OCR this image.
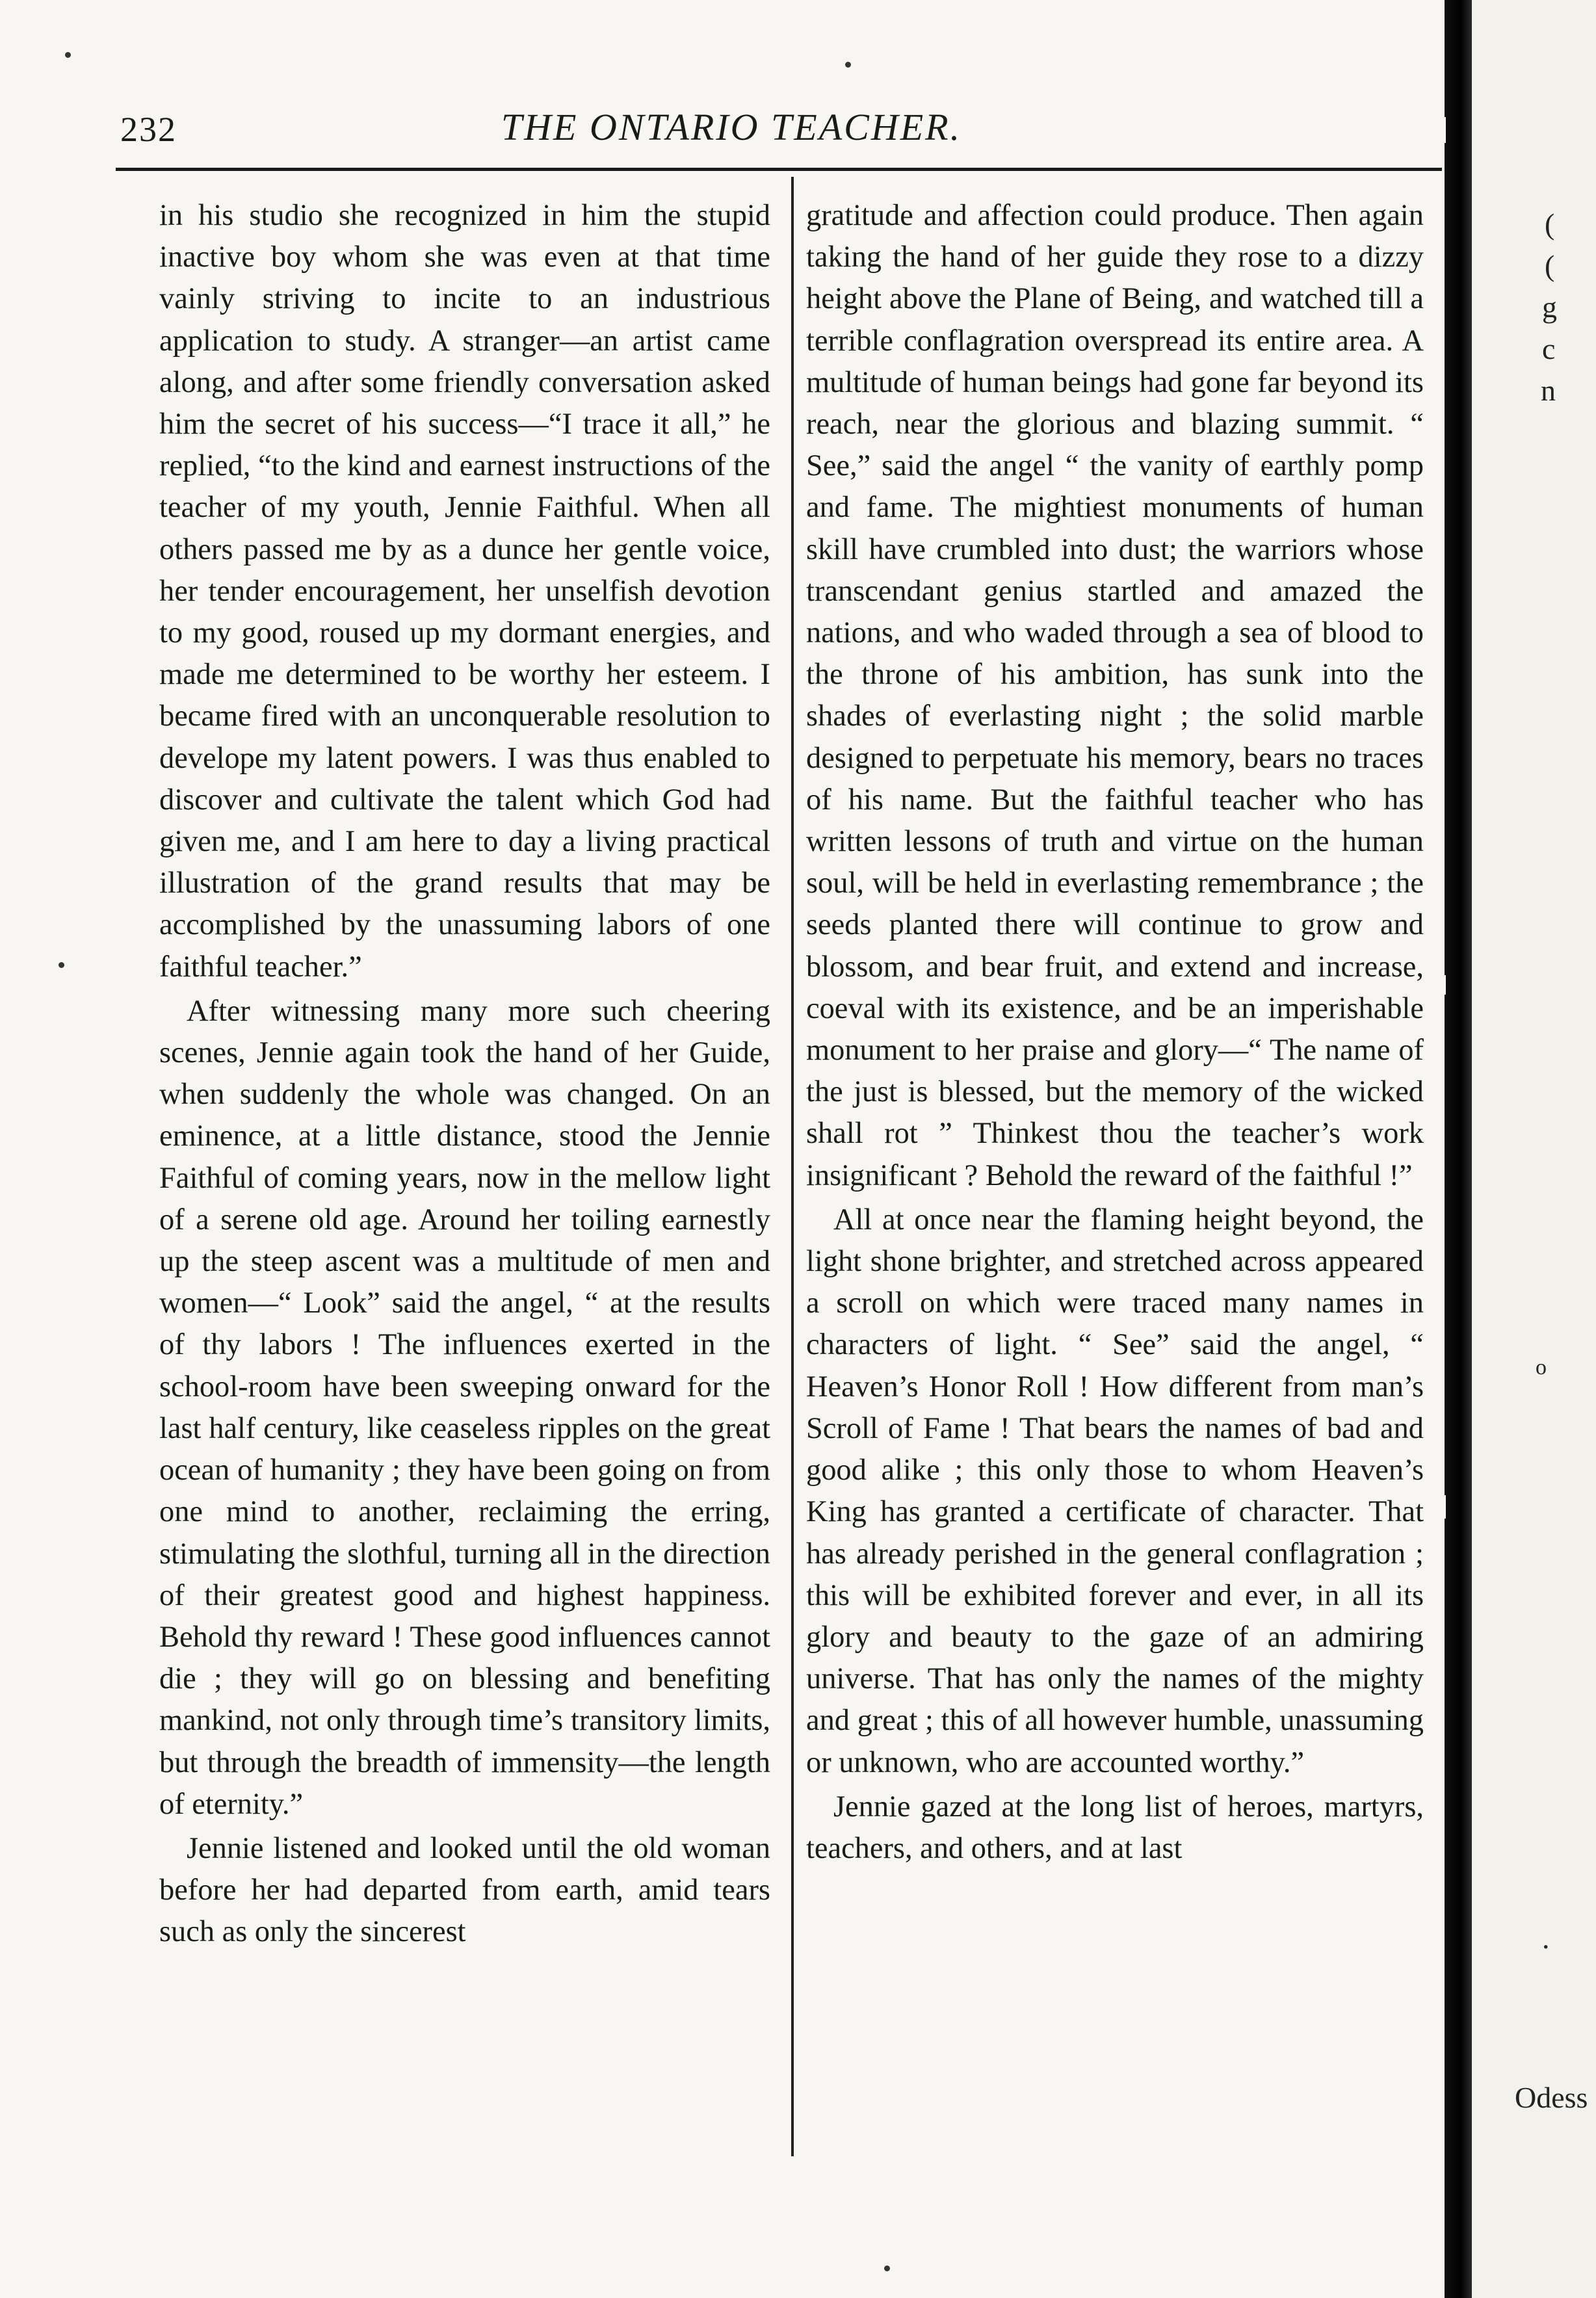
232	THE ONTARIO TEACHER.

in his studio she recognized in him the stupid inactive boy whom she was even at that time vainly striving to incite to an industrious application to study. A stranger—an artist came along, and after some friendly conversation asked him the secret of his success—“I trace it all,” he replied, “to the kind and earnest instructions of the teacher of my youth, Jennie Faithful. When all others passed me by as a dunce her gentle voice, her tender encouragement, her unselfish devotion to my good, roused up my dormant energies, and made me determined to be worthy her esteem. I became fired with an unconquerable resolution to develope my latent powers. I was thus enabled to discover and cultivate the talent which God had given me, and I am here to day a living practical illustration of the grand results that may be accomplished by the unassuming labors of one faithful teacher.”

After witnessing many more such cheering scenes, Jennie again took the hand of her Guide, when suddenly the whole was changed. On an eminence, at a little distance, stood the Jennie Faithful of coming years, now in the mellow light of a serene old age. Around her toiling earnestly up the steep ascent was a multitude of men and women—“ Look” said the angel, “ at the results of thy labors ! The influences exerted in the school-room have been sweeping onward for the last half century, like ceaseless ripples on the great ocean of humanity ; they have been going on from one mind to another, reclaiming the erring, stimulating the slothful, turning all in the direction of their greatest good and highest happiness. Behold thy reward ! These good influences cannot die ; they will go on blessing and benefiting mankind, not only through time’s transitory limits, but through the breadth of immensity—the length of eternity.”

Jennie listened and looked until the old woman before her had departed from earth, amid tears such as only the sincerest

gratitude and affection could produce. Then again taking the hand of her guide they rose to a dizzy height above the Plane of Being, and watched till a terrible conflagration overspread its entire area. A multitude of human beings had gone far beyond its reach, near the glorious and blazing summit. “ See,” said the angel “ the vanity of earthly pomp and fame. The mightiest monuments of human skill have crumbled into dust; the warriors whose transcendant genius startled and amazed the nations, and who waded through a sea of blood to the throne of his ambition, has sunk into the shades of everlasting night ; the solid marble designed to perpetuate his memory, bears no traces of his name. But the faithful teacher who has written lessons of truth and virtue on the human soul, will be held in everlasting remembrance ; the seeds planted there will continue to grow and blossom, and bear fruit, and extend and increase, coeval with its existence, and be an imperishable monument to her praise and glory—“ The name of the just is blessed, but the memory of the wicked shall rot ” Thinkest thou the teacher’s work insignificant ? Behold the reward of the faithful !”

All at once near the flaming height beyond, the light shone brighter, and stretched across appeared a scroll on which were traced many names in characters of light. “ See” said the angel, “ Heaven’s Honor Roll ! How different from man’s Scroll of Fame ! That bears the names of bad and good alike ; this only those to whom Heaven’s King has granted a certificate of character. That has already perished in the general conflagration ; this will be exhibited forever and ever, in all its glory and beauty to the gaze of an admiring universe. That has only the names of the mighty and great ; this of all however humble, unassuming or unknown, who are accounted worthy.”

Jennie gazed at the long list of heroes, martyrs, teachers, and others, and at last

(
(
g
c
n
o
.
Odess
